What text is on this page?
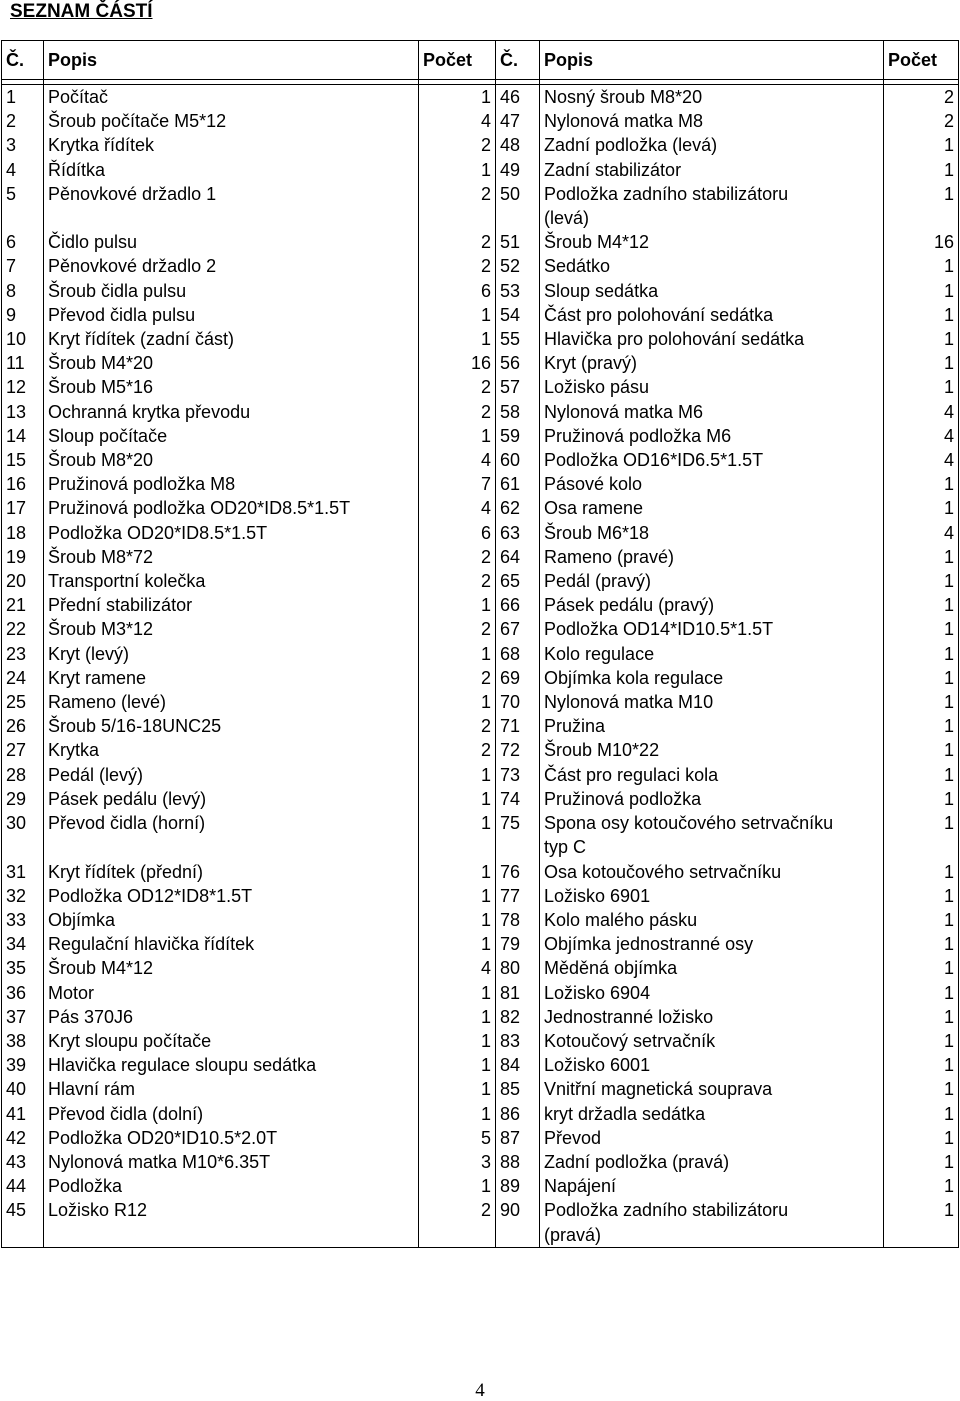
SEZNAM ČÁSTÍ
Č.	Popis	Počet	Č.	Popis	Počet

1	Počítač	1	46	Nosný šroub M8*20	2
2	Šroub počítače M5*12	4	47	Nylonová matka M8	2
3	Krytka řídítek	2	48	Zadní podložka (levá)	1
4	Řídítka	1	49	Zadní stabilizátor	1
5	Pěnovkové držadlo 1	2	50	Podložka zadního stabilizátoru
(levá)	1
6	Čidlo pulsu	2	51	Šroub M4*12	16
7	Pěnovkové držadlo 2	2	52	Sedátko	1
8	Šroub čidla pulsu	6	53	Sloup sedátka	1
9	Převod čidla pulsu	1	54	Část pro polohování sedátka	1
10	Kryt řídítek (zadní část)	1	55	Hlavička pro polohování sedátka	1
11	Šroub M4*20	16	56	Kryt (pravý)	1
12	Šroub M5*16	2	57	Ložisko pásu	1
13	Ochranná krytka převodu	2	58	Nylonová matka M6	4
14	Sloup počítače	1	59	Pružinová podložka M6	4
15	Šroub M8*20	4	60	Podložka OD16*ID6.5*1.5T	4
16	Pružinová podložka M8	7	61	Pásové kolo	1
17	Pružinová podložka OD20*ID8.5*1.5T	4	62	Osa ramene	1
18	Podložka OD20*ID8.5*1.5T	6	63	Šroub M6*18	4
19	Šroub M8*72	2	64	Rameno (pravé)	1
20	Transportní kolečka	2	65	Pedál (pravý)	1
21	Přední stabilizátor	1	66	Pásek pedálu (pravý)	1
22	Šroub M3*12	2	67	Podložka OD14*ID10.5*1.5T	1
23	Kryt (levý)	1	68	Kolo regulace	1
24	Kryt ramene	2	69	Objímka kola regulace	1
25	Rameno (levé)	1	70	Nylonová matka M10	1
26	Šroub 5/16-18UNC25	2	71	Pružina	1
27	Krytka	2	72	Šroub M10*22	1
28	Pedál (levý)	1	73	Část pro regulaci kola	1
29	Pásek pedálu (levý)	1	74	Pružinová podložka	1
30	Převod čidla (horní)	1	75	Spona osy kotoučového setrvačníku
typ C	1
31	Kryt řídítek (přední)	1	76	Osa kotoučového setrvačníku	1
32	Podložka OD12*ID8*1.5T	1	77	Ložisko 6901	1
33	Objímka	1	78	Kolo malého pásku	1
34	Regulační hlavička řídítek	1	79	Objímka jednostranné osy	1
35	Šroub M4*12	4	80	Měděná objímka	1
36	Motor	1	81	Ložisko 6904	1
37	Pás 370J6	1	82	Jednostranné ložisko	1
38	Kryt sloupu počítače	1	83	Kotoučový setrvačník	1
39	Hlavička regulace sloupu sedátka	1	84	Ložisko 6001	1
40	Hlavní rám	1	85	Vnitřní magnetická souprava	1
41	Převod čidla (dolní)	1	86	kryt držadla sedátka	1
42	Podložka OD20*ID10.5*2.0T	5	87	Převod	1
43	Nylonová matka M10*6.35T	3	88	Zadní podložka (pravá)	1
44	Podložka	1	89	Napájení	1
45	Ložisko R12	2	90	Podložka zadního stabilizátoru
(pravá)	1
4
